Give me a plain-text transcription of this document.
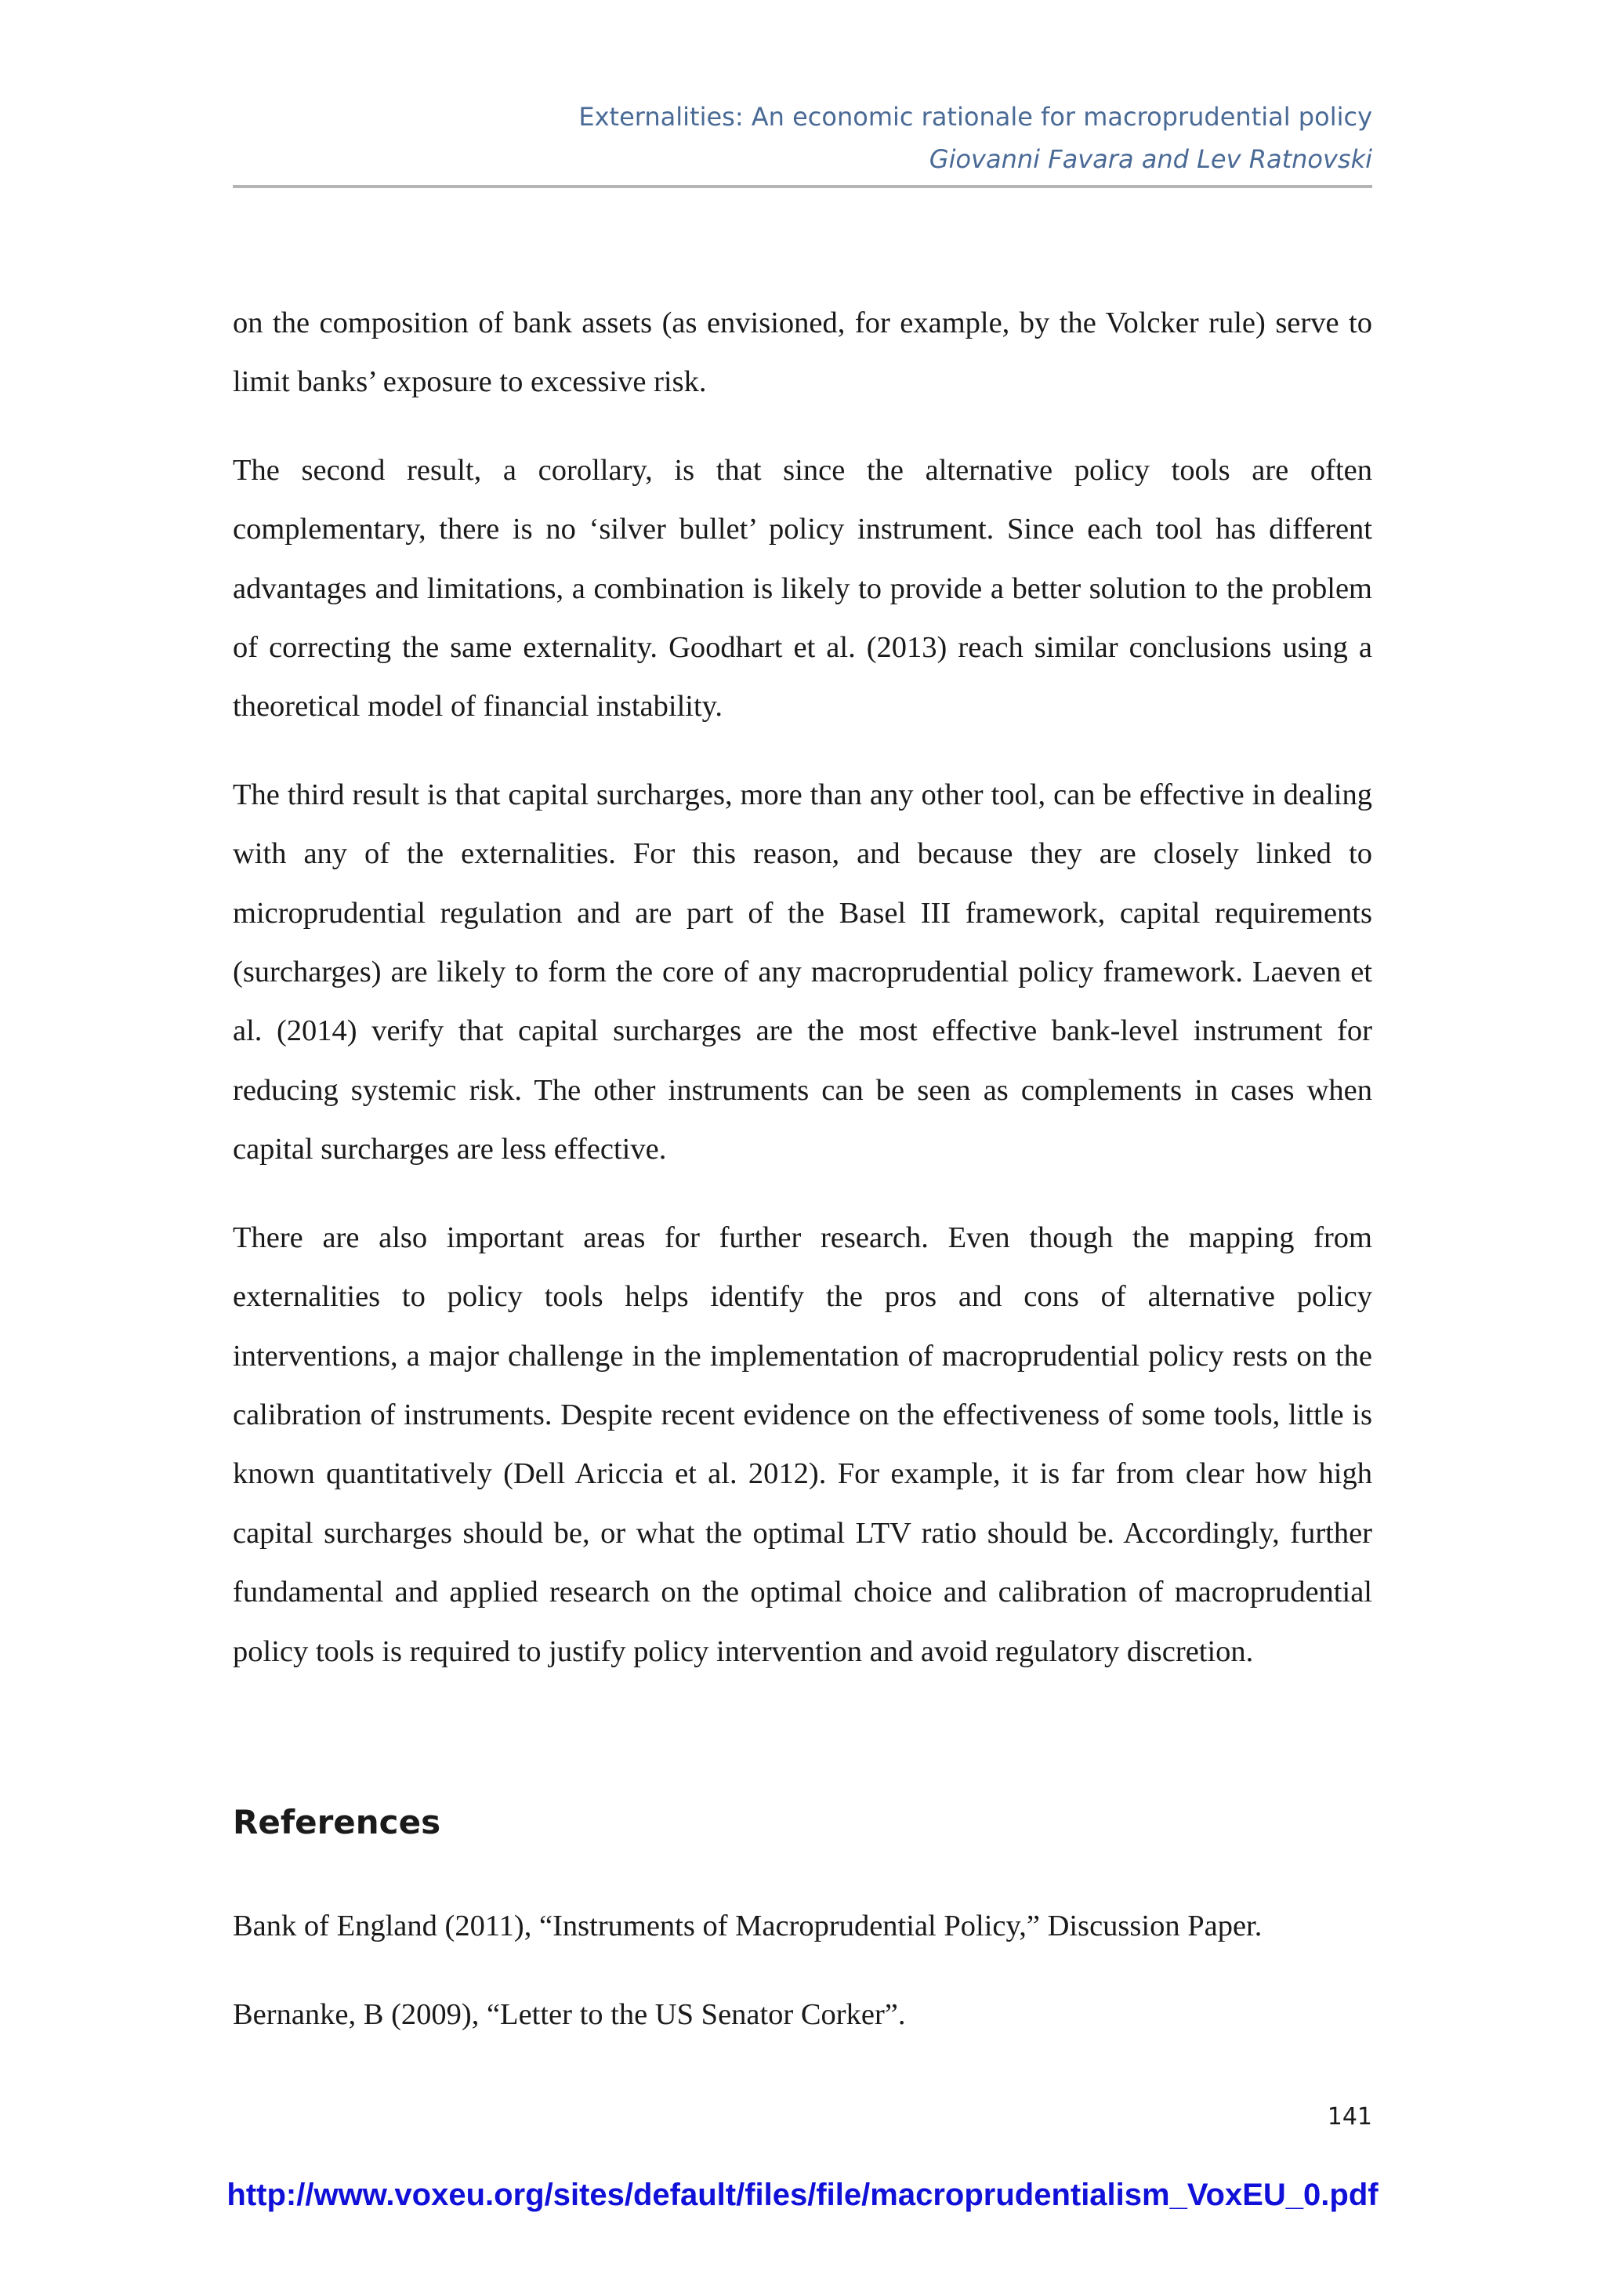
Externalities: An economic rationale for macroprudential policy
Giovanni Favara and Lev Ratnovski

on the composition of bank assets (as envisioned, for example, by the Volcker rule) serve to limit banks’ exposure to excessive risk.

The second result, a corollary, is that since the alternative policy tools are often complementary, there is no ‘silver bullet’ policy instrument. Since each tool has different advantages and limitations, a combination is likely to provide a better solution to the problem of correcting the same externality. Goodhart et al. (2013) reach similar conclusions using a theoretical model of financial instability.

The third result is that capital surcharges, more than any other tool, can be effective in dealing with any of the externalities. For this reason, and because they are closely linked to microprudential regulation and are part of the Basel III framework, capital requirements (surcharges) are likely to form the core of any macroprudential policy framework. Laeven et al. (2014) verify that capital surcharges are the most effective bank-level instrument for reducing systemic risk. The other instruments can be seen as complements in cases when capital surcharges are less effective.

There are also important areas for further research. Even though the mapping from externalities to policy tools helps identify the pros and cons of alternative policy interventions, a major challenge in the implementation of macroprudential policy rests on the calibration of instruments. Despite recent evidence on the effectiveness of some tools, little is known quantitatively (Dell Ariccia et al. 2012). For example, it is far from clear how high capital surcharges should be, or what the optimal LTV ratio should be. Accordingly, further fundamental and applied research on the optimal choice and calibration of macroprudential policy tools is required to justify policy intervention and avoid regulatory discretion.

References

Bank of England (2011), “Instruments of Macroprudential Policy,” Discussion Paper.

Bernanke, B (2009), “Letter to the US Senator Corker”.

141
http://www.voxeu.org/sites/default/files/file/macroprudentialism_VoxEU_0.pdf
